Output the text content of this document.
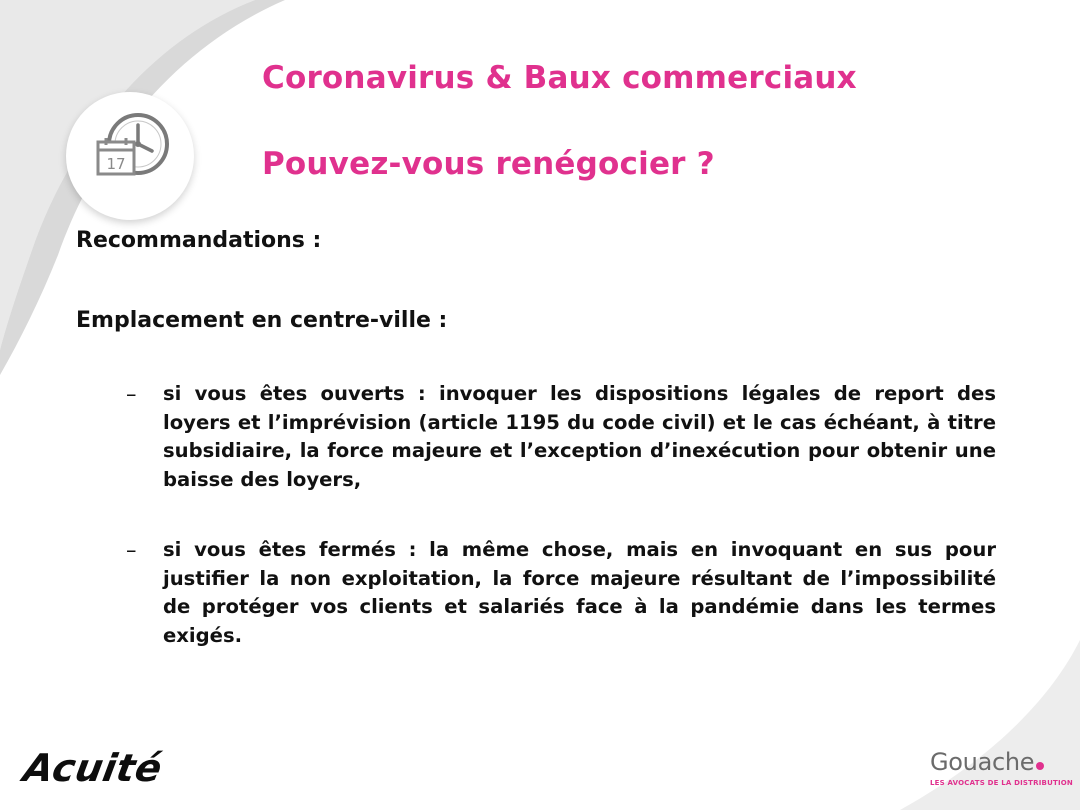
17
Coronavirus & Baux commerciaux
Pouvez-vous renégocier ?
Recommandations :
Emplacement en centre-ville :
– si vous êtes ouverts : invoquer les dispositions légales de report des loyers et l’imprévision (article 1195 du code civil) et le cas échéant, à titre subsidiaire, la force majeure et l’exception d’inexécution pour obtenir une baisse des loyers,
– si vous êtes fermés : la même chose, mais en invoquant en sus pour justifier la non exploitation, la force majeure résultant de l’impossibilité de protéger vos clients et salariés face à la pandémie dans les termes exigés.
Acuité	Gouache
LES AVOCATS DE LA DISTRIBUTION
